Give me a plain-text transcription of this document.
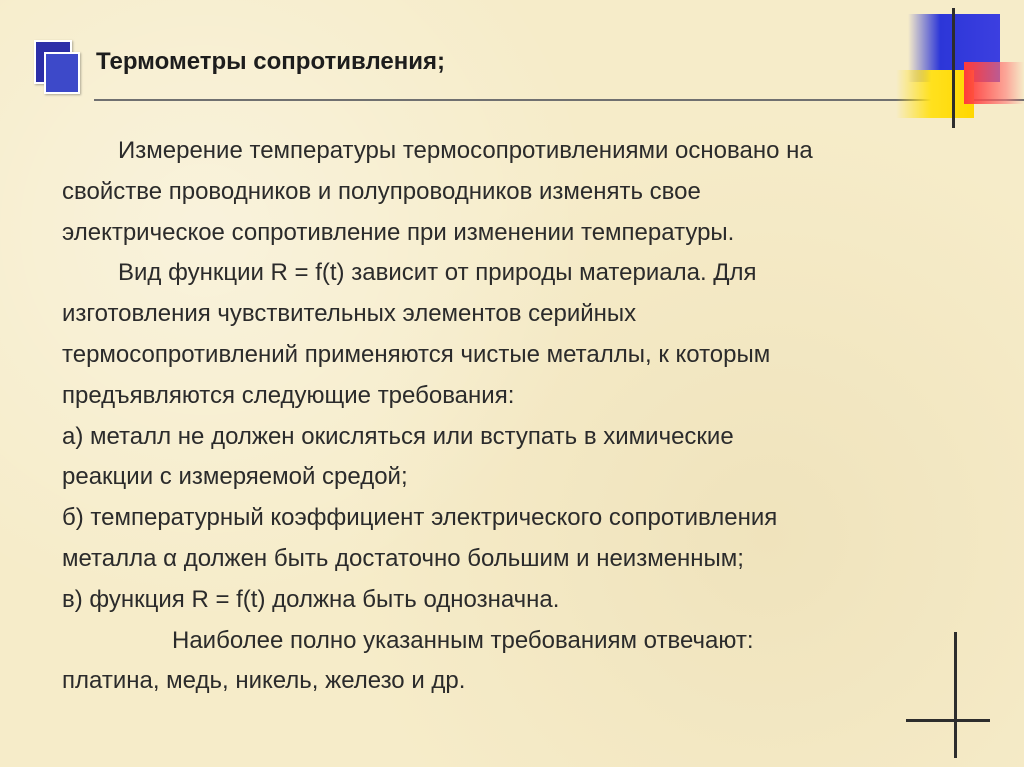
Термометры сопротивления;

Измерение температуры термосопротивлениями основано на

свойстве проводников и полупроводников изменять свое

электрическое сопротивление при изменении температуры.

Вид функции R = f(t) зависит от природы материала. Для

изготовления чувствительных элементов серийных

термосопротивлений применяются чистые металлы, к которым

предъявляются следующие требования:

а) металл не должен окисляться или вступать в химические

реакции с измеряемой средой;

б) температурный коэффициент электрического сопротивления

металла α должен быть достаточно большим и неизменным;

в) функция R = f(t) должна быть однозначна.

Наиболее полно указанным требованиям отвечают:

платина, медь, никель, железо и др.
